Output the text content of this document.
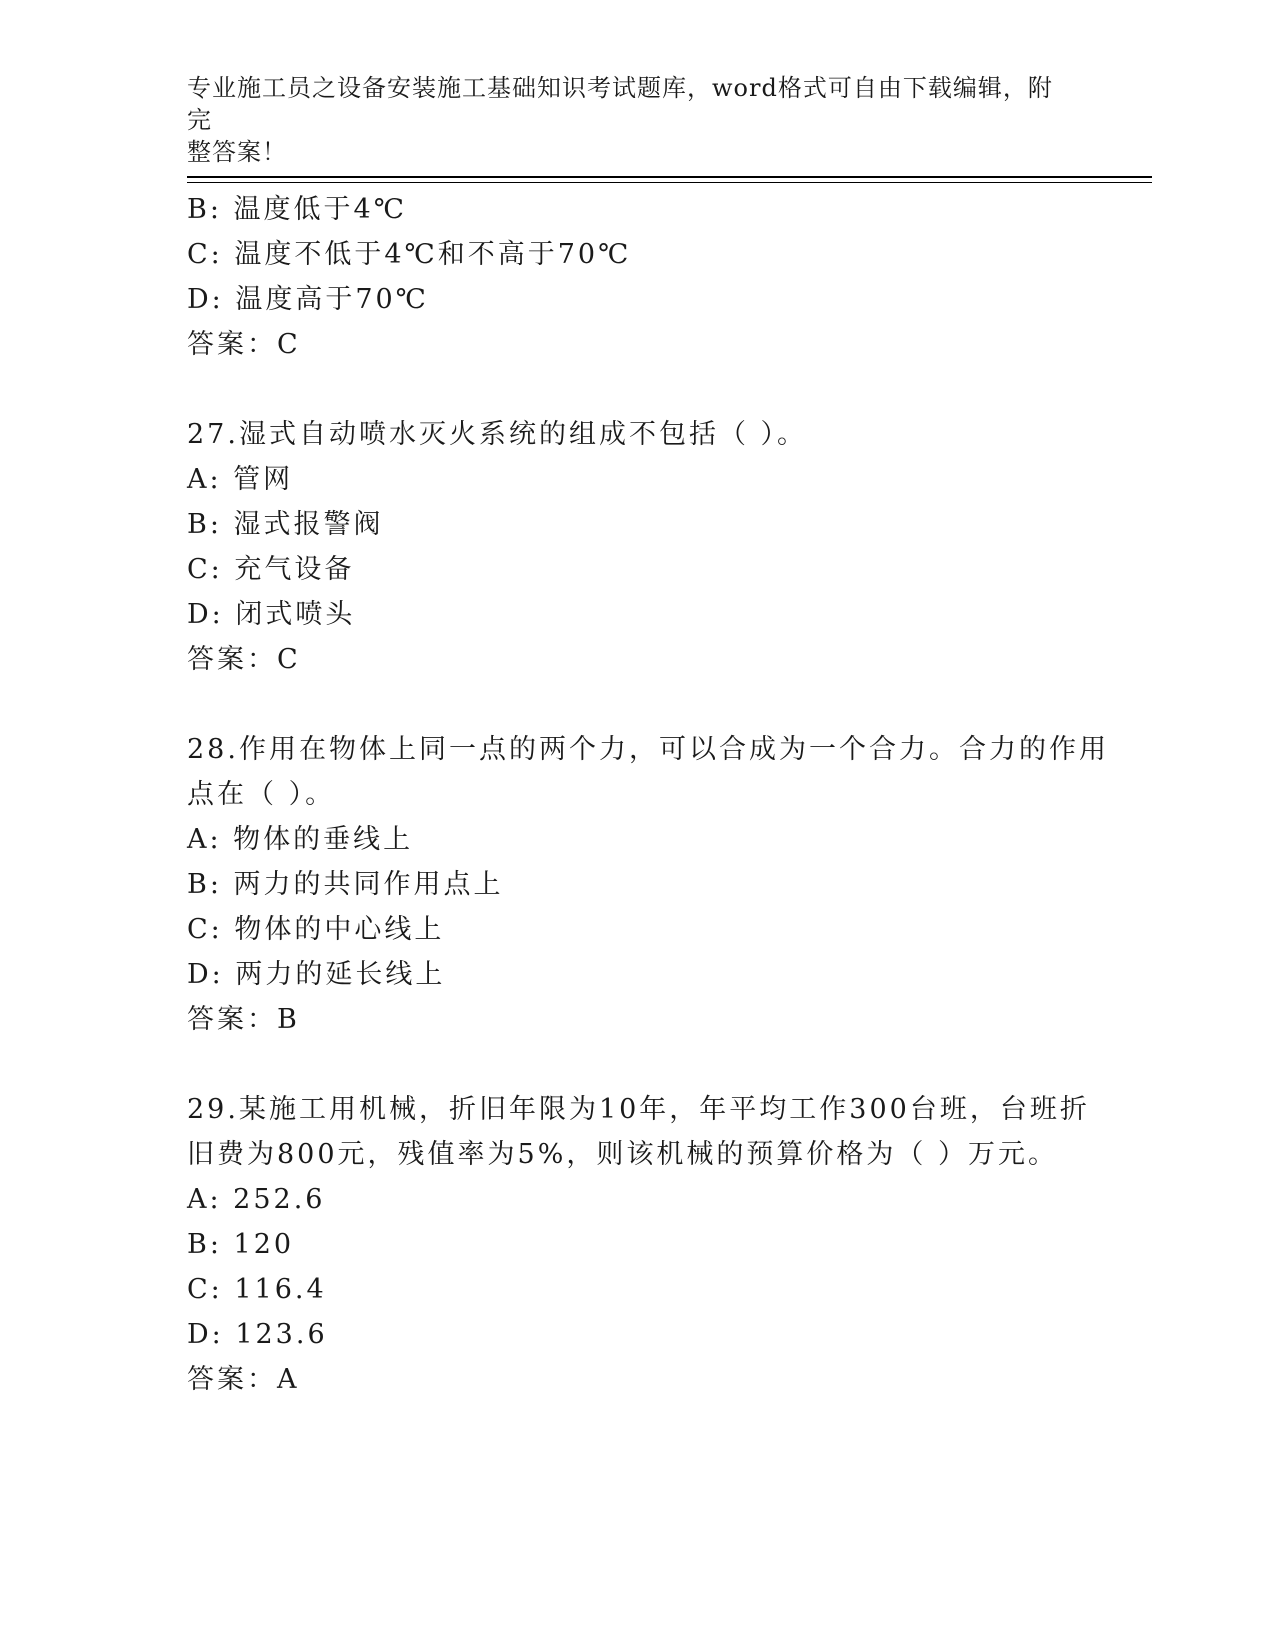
专业施工员之设备安装施工基础知识考试题库，word格式可自由下载编辑，附完
整答案！
B: 温度低于4℃
C: 温度不低于4℃和不高于70℃
D: 温度高于70℃
答案：C
27.湿式自动喷水灭火系统的组成不包括（ ）。
A: 管网
B: 湿式报警阀
C: 充气设备
D: 闭式喷头
答案：C
28.作用在物体上同一点的两个力，可以合成为一个合力。合力的作用
点在（ ）。
A: 物体的垂线上
B: 两力的共同作用点上
C: 物体的中心线上
D: 两力的延长线上
答案：B
29.某施工用机械，折旧年限为10年，年平均工作300台班，台班折
旧费为800元，残值率为5%，则该机械的预算价格为（ ）万元。
A: 252.6
B: 120
C: 116.4
D: 123.6
答案：A
